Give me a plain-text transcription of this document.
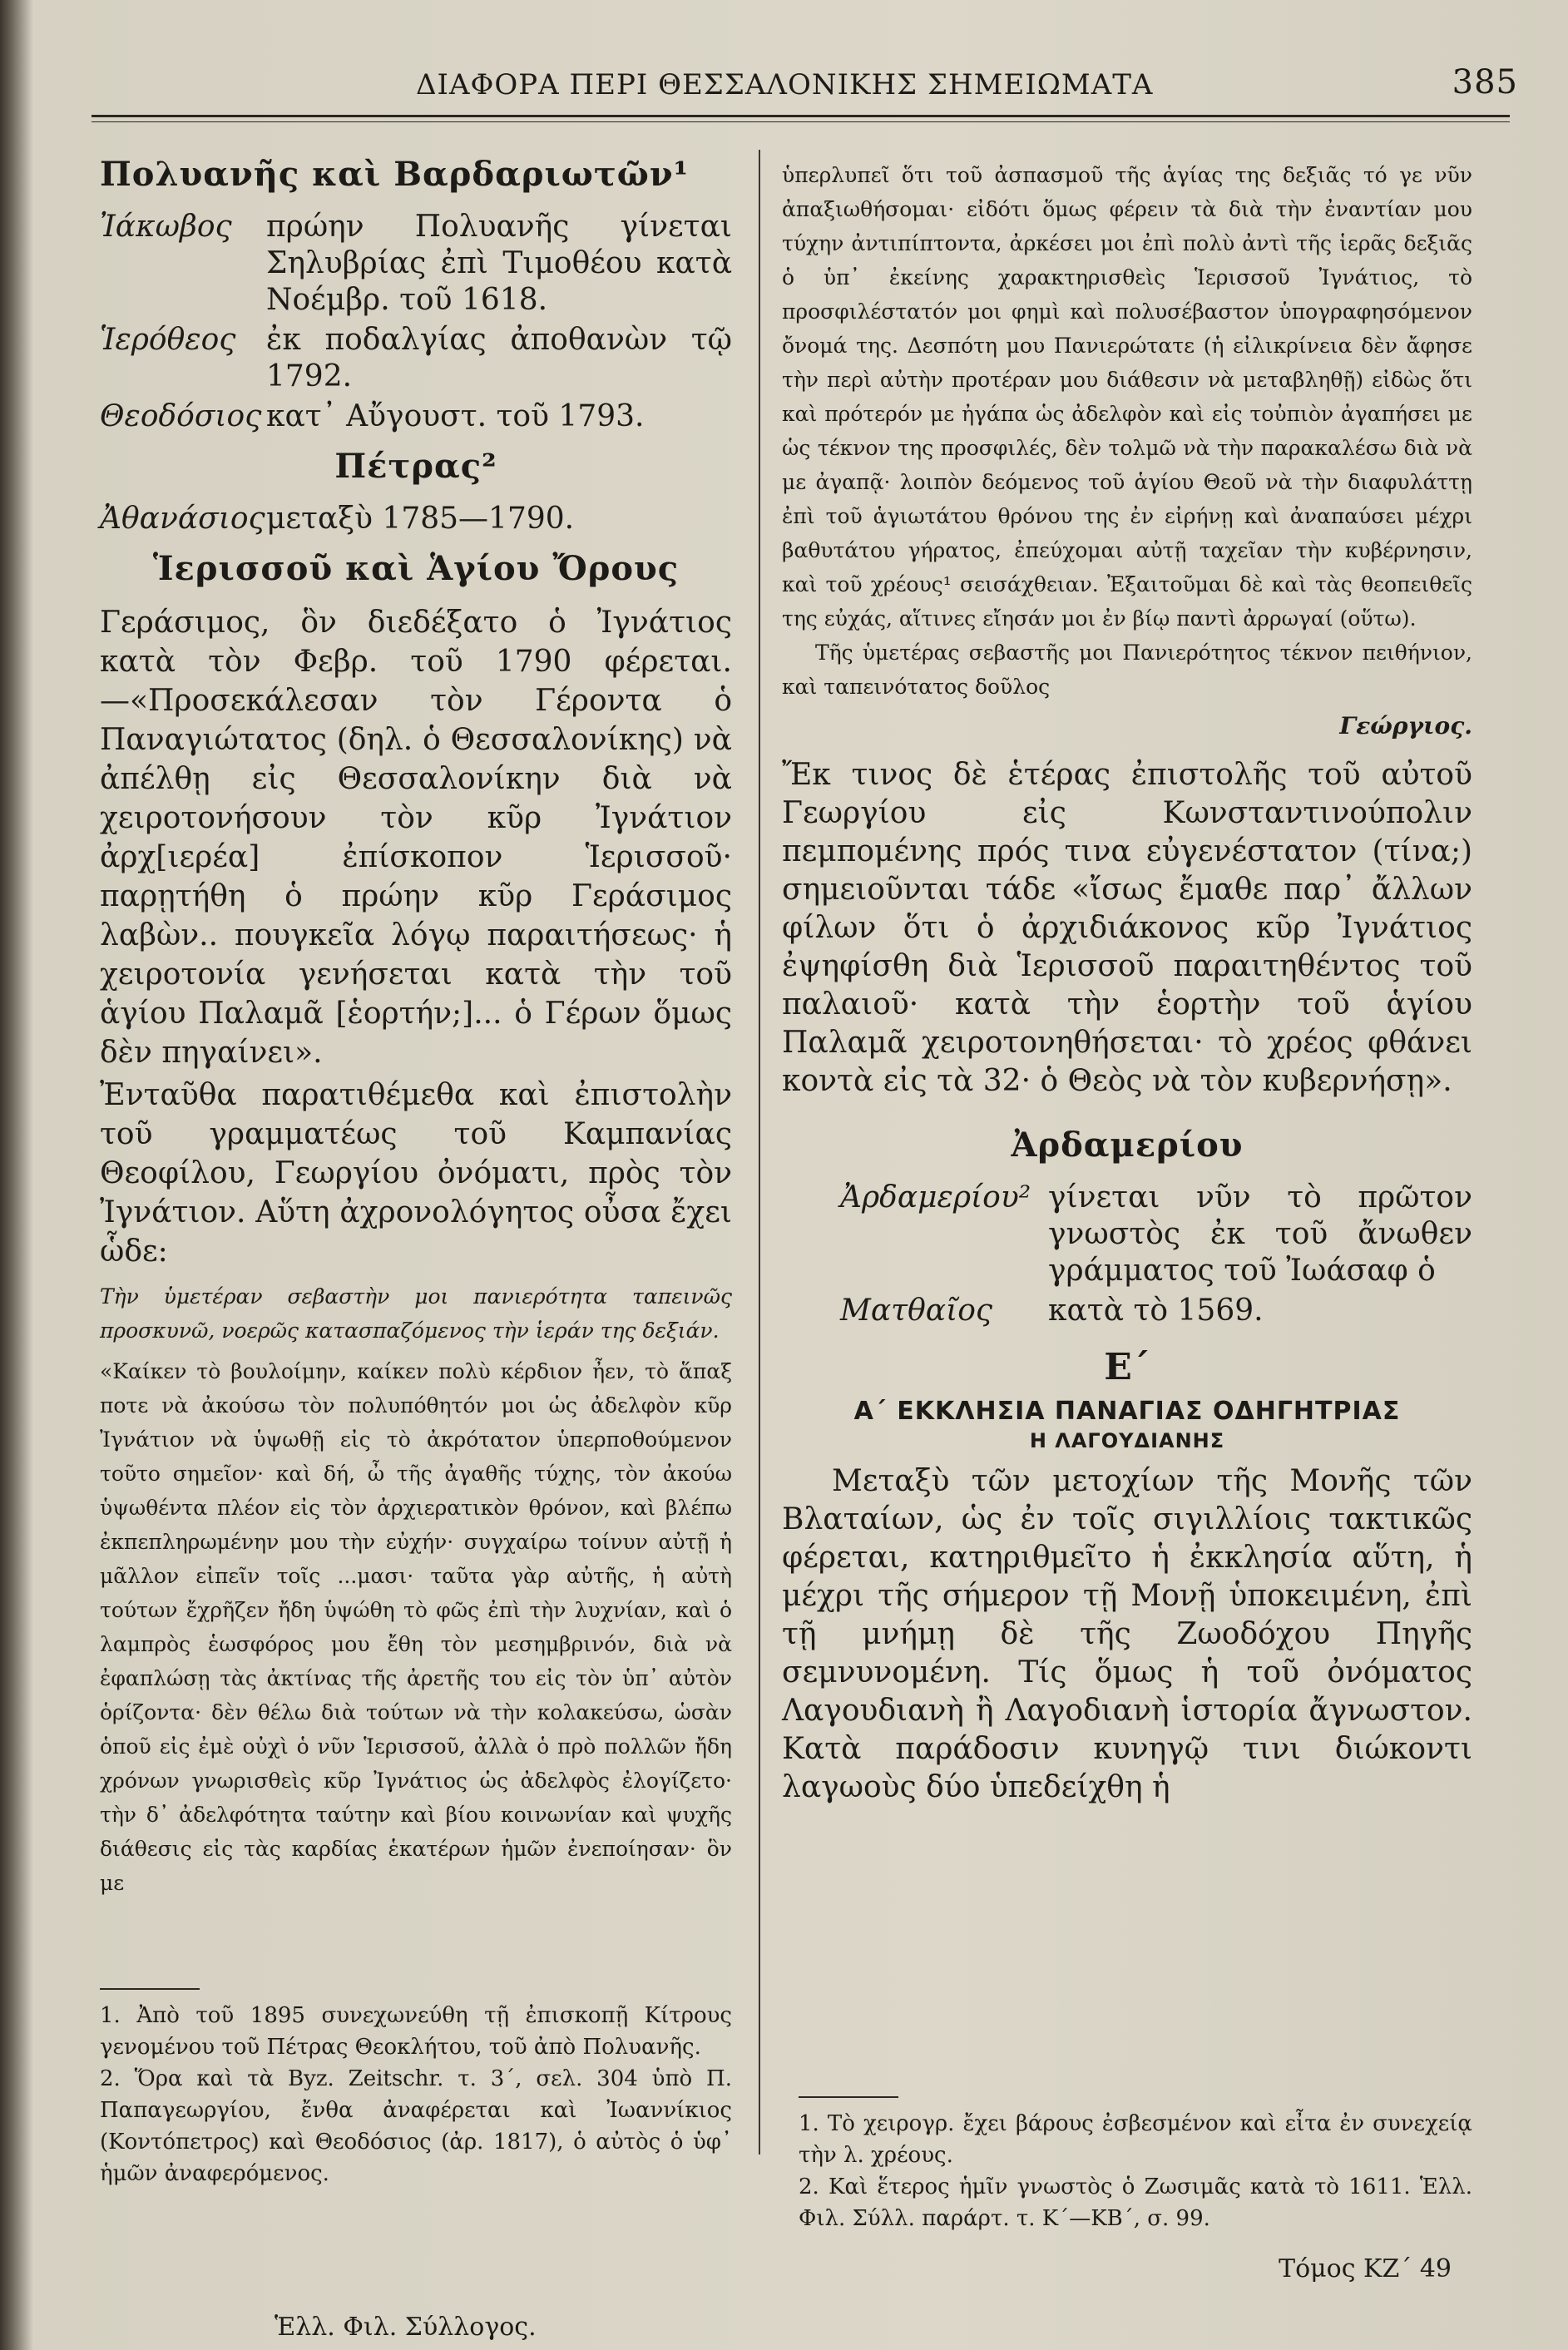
ΔΙΑΦΟΡΑ ΠΕΡΙ ΘΕΣΣΑΛΟΝΙΚΗΣ ΣΗΜΕΙΩΜΑΤΑ	385
Πολυανῆς καὶ Βαρδαριωτῶν¹
Ἰάκωβος	πρώην Πολυανῆς γίνεται Σηλυβρίας ἐπὶ Τιμοθέου κατὰ Νοέμβρ. τοῦ 1618.
Ἱερόθεος	ἐκ ποδαλγίας ἀποθανὼν τῷ 1792.
Θεοδόσιος κατ᾽ Αὔγουστ. τοῦ 1793.
Πέτρας²
Ἀθανάσιος μεταξὺ 1785—1790.
Ἱερισσοῦ καὶ Ἁγίου Ὄρους

Γεράσιμος, ὃν διεδέξατο ὁ Ἰγνάτιος κατὰ τὸν Φεβρ. τοῦ 1790 φέρεται.—«Προσεκάλεσαν τὸν Γέροντα ὁ Παναγιώτατος (δηλ. ὁ Θεσσαλονίκης) νὰ ἀπέλθῃ εἰς Θεσσαλονίκην διὰ νὰ χειροτονήσουν τὸν κῦρ Ἰγνάτιον ἀρχ[ιερέα] ἐπίσκοπον Ἱερισσοῦ· παρῃτήθη ὁ πρώην κῦρ Γεράσιμος λαβὼν.. πουγκεῖα λόγῳ παραιτήσεως· ἡ χειροτονία γενήσεται κατὰ τὴν τοῦ ἁγίου Παλαμᾶ [ἑορτήν;]... ὁ Γέρων ὅμως δὲν πηγαίνει».

Ἐνταῦθα παρατιθέμεθα καὶ ἐπιστολὴν τοῦ γραμματέως τοῦ Καμπανίας Θεοφίλου, Γεωργίου ὀνόματι, πρὸς τὸν Ἰγνάτιον. Αὕτη ἀχρονολόγητος οὖσα ἔχει ὧδε:

Τὴν ὑμετέραν σεβαστὴν μοι πανιερότητα ταπεινῶς προσκυνῶ, νοερῶς κατασπαζόμενος τὴν ἱεράν της δεξιάν.

«Καίκεν τὸ βουλοίμην, καίκεν πολὺ κέρδιον ἦεν, τὸ ἅπαξ ποτε νὰ ἀκούσω τὸν πολυπόθητόν μοι ὡς ἀδελφὸν κῦρ Ἰγνάτιον νὰ ὑψωθῇ εἰς τὸ ἀκρότατον ὑπερποθούμενον τοῦτο σημεῖον· καὶ δή, ὦ τῆς ἀγαθῆς τύχης, τὸν ἀκούω ὑψωθέντα πλέον εἰς τὸν ἀρχιερατικὸν θρόνον, καὶ βλέπω ἐκπεπληρωμένην μου τὴν εὐχήν· συγχαίρω τοίνυν αὐτῇ ἡ μᾶλλον εἰπεῖν τοῖς ...μασι· ταῦτα γὰρ αὐτῆς, ἡ αὐτὴ τούτων ἔχρῆζεν ἤδη ὑψώθη τὸ φῶς ἐπὶ τὴν λυχνίαν, καὶ ὁ λαμπρὸς ἑωσφόρος μου ἔθη τὸν μεσημβρινόν, διὰ νὰ ἐφαπλώσῃ τὰς ἀκτίνας τῆς ἀρετῆς του εἰς τὸν ὑπ᾽ αὐτὸν ὁρίζοντα· δὲν θέλω διὰ τούτων νὰ τὴν κολακεύσω, ὡσὰν ὁποῦ εἰς ἐμὲ οὐχὶ ὁ νῦν Ἱερισσοῦ, ἀλλὰ ὁ πρὸ πολλῶν ἤδη χρόνων γνωρισθεὶς κῦρ Ἰγνάτιος ὡς ἀδελφὸς ἐλογίζετο· τὴν δ᾽ ἀδελφότητα ταύτην καὶ βίου κοινωνίαν καὶ ψυχῆς διάθεσις εἰς τὰς καρδίας ἑκατέρων ἡμῶν ἐνεποίησαν· ὃν με

1. Ἀπὸ τοῦ 1895 συνεχωνεύθη τῇ ἐπισκοπῇ Κίτρους γενομένου τοῦ Πέτρας Θεοκλήτου, τοῦ ἀπὸ Πολυανῆς.

2. Ὅρα καὶ τὰ Byz. Zeitschr. τ. 3´, σελ. 304 ὑπὸ Π. Παπαγεωργίου, ἔνθα ἀναφέρεται καὶ Ἰωαννίκιος (Κοντόπετρος) καὶ Θεοδόσιος (ἀρ. 1817), ὁ αὐτὸς ὁ ὑφ᾽ ἡμῶν ἀναφερόμενος.

Ἑλλ. Φιλ. Σύλλογος.

ὑπερλυπεῖ ὅτι τοῦ ἀσπασμοῦ τῆς ἁγίας της δεξιᾶς τό γε νῦν ἀπαξιωθήσομαι· εἰδότι ὅμως φέρειν τὰ διὰ τὴν ἐναντίαν μου τύχην ἀντιπίπτοντα, ἀρκέσει μοι ἐπὶ πολὺ ἀντὶ τῆς ἱερᾶς δεξιᾶς ὁ ὑπ᾽ ἐκείνης χαρακτηρισθεὶς Ἱερισσοῦ Ἰγνάτιος, τὸ προσφιλέστατόν μοι φημὶ καὶ πολυσέβαστον ὑπογραφησόμενον ὄνομά της. Δεσπότη μου Πανιερώτατε (ἡ εἰλικρίνεια δὲν ἄφησε τὴν περὶ αὐτὴν προτέραν μου διάθεσιν νὰ μεταβληθῇ) εἰδὼς ὅτι καὶ πρότερόν με ἠγάπα ὡς ἀδελφὸν καὶ εἰς τοὐπιὸν ἀγαπήσει με ὡς τέκνον της προσφιλές, δὲν τολμῶ νὰ τὴν παρακαλέσω διὰ νὰ με ἀγαπᾷ· λοιπὸν δεόμενος τοῦ ἁγίου Θεοῦ νὰ τὴν διαφυλάττῃ ἐπὶ τοῦ ἁγιωτάτου θρόνου της ἐν εἰρήνῃ καὶ ἀναπαύσει μέχρι βαθυτάτου γήρατος, ἐπεύχομαι αὐτῇ ταχεῖαν τὴν κυβέρνησιν, καὶ τοῦ χρέους¹ σεισάχθειαν. Ἐξαιτοῦμαι δὲ καὶ τὰς θεοπειθεῖς της εὐχάς, αἵτινες εἴησάν μοι ἐν βίῳ παντὶ ἀρρωγαί (οὕτω).

Τῆς ὑμετέρας σεβαστῆς μοι Πανιερότητος τέκνον πειθήνιον, καὶ ταπεινότατος δοῦλος

Γεώργιος.

Ἔκ τινος δὲ ἑτέρας ἐπιστολῆς τοῦ αὐτοῦ Γεωργίου εἰς Κωνσταντινούπολιν πεμπομένης πρός τινα εὐγενέστατον (τίνα;) σημειοῦνται τάδε «ἴσως ἔμαθε παρ᾽ ἄλλων φίλων ὅτι ὁ ἀρχιδιάκονος κῦρ Ἰγνάτιος ἐψηφίσθη διὰ Ἱερισσοῦ παραιτηθέντος τοῦ παλαιοῦ· κατὰ τὴν ἑορτὴν τοῦ ἁγίου Παλαμᾶ χειροτονηθήσεται· τὸ χρέος φθάνει κοντὰ εἰς τὰ 32· ὁ Θεὸς νὰ τὸν κυβερνήσῃ».

Ἀρδαμερίου
Ἀρδαμερίου² γίνεται νῦν τὸ πρῶτον γνωστὸς ἐκ τοῦ ἄνωθεν γράμματος τοῦ Ἰωάσαφ ὁ
Ματθαῖος	κατὰ τὸ 1569.
Ε´
Α´ ΕΚΚΛΗΣΙΑ ΠΑΝΑΓΙΑΣ ΟΔΗΓΗΤΡΙΑΣ
Η ΛΑΓΟΥΔΙΑΝΗΣ

Μεταξὺ τῶν μετοχίων τῆς Μονῆς τῶν Βλαταίων, ὡς ἐν τοῖς σιγιλλίοις τακτικῶς φέρεται, κατηριθμεῖτο ἡ ἐκκλησία αὕτη, ἡ μέχρι τῆς σήμερον τῇ Μονῇ ὑποκειμένη, ἐπὶ τῇ μνήμῃ δὲ τῆς Ζωοδόχου Πηγῆς σεμνυνομένη. Τίς ὅμως ἡ τοῦ ὀνόματος Λαγουδιανὴ ἢ Λαγοδιανὴ ἱστορία ἄγνωστον. Κατὰ παράδοσιν κυνηγῷ τινι διώκοντι λαγωοὺς δύο ὑπεδείχθη ἡ

1. Τὸ χειρογρ. ἔχει βάρους ἐσβεσμένον καὶ εἶτα ἐν συνεχείᾳ τὴν λ. χρέους.

2. Καὶ ἕτερος ἡμῖν γνωστὸς ὁ Ζωσιμᾶς κατὰ τὸ 1611. Ἑλλ. Φιλ. Σύλλ. παράρτ. τ. Κ´—ΚΒ´, σ. 99.

Τόμος ΚΖ´ 49
